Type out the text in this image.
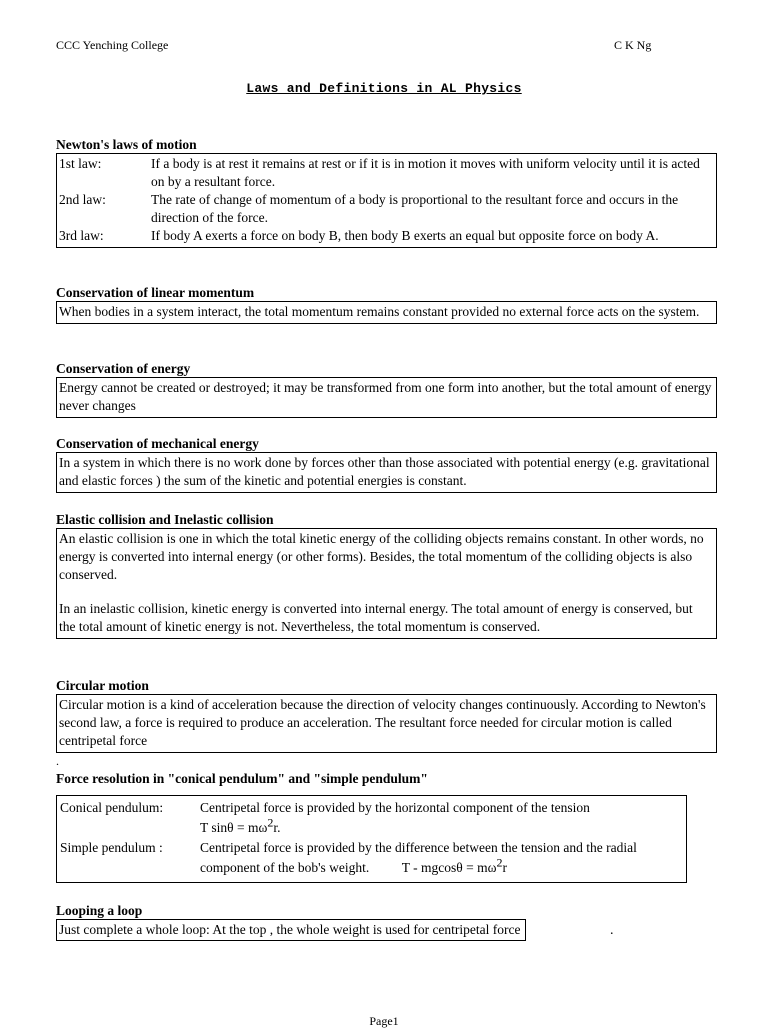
CCC Yenching College	C K Ng
Laws and Definitions in AL Physics
Newton's laws of motion
1st law:	If a body is at rest it remains at rest or if it is in motion it moves with uniform velocity until it is acted on by a resultant force.
2nd law:	The rate of change of momentum of a body is proportional to the resultant force and occurs in the direction of the force.
3rd law:	If body A exerts a force on body B, then body B exerts an equal but opposite force on body A.
Conservation of linear momentum

When bodies in a system interact, the total momentum remains constant provided no external force acts on the system.

Conservation of energy

Energy cannot be created or destroyed; it may be transformed from one form into another, but the total amount of energy never changes

Conservation of mechanical energy

In a system in which there is no work done by forces other than those associated with potential energy (e.g. gravitational and elastic forces ) the sum of the kinetic and potential energies is constant.

Elastic collision and Inelastic collision

An elastic collision is one in which the total kinetic energy of the colliding objects remains constant. In other words, no energy is converted into internal energy (or other forms). Besides, the total momentum of the colliding objects is also conserved.

In an inelastic collision, kinetic energy is converted into internal energy. The total amount of energy is conserved, but the total amount of kinetic energy is not. Nevertheless, the total momentum is conserved.

Circular motion

Circular motion is a kind of acceleration because the direction of velocity changes continuously. According to Newton's second law, a force is required to produce an acceleration. The resultant force needed for circular motion is called centripetal force

.
Force resolution in "conical pendulum" and "simple pendulum"
Conical pendulum:	Centripetal force is provided by the horizontal component of the tension
T $\sin\theta = m\omega^2r$.
Simple pendulum :	Centripetal force is provided by the difference between the tension and the radial component of the bob's weight. $T - mgcos\theta = m\omega^2r$
Looping a loop
Just complete a whole loop: At the top , the whole weight is used for centripetal force	.
Page1
